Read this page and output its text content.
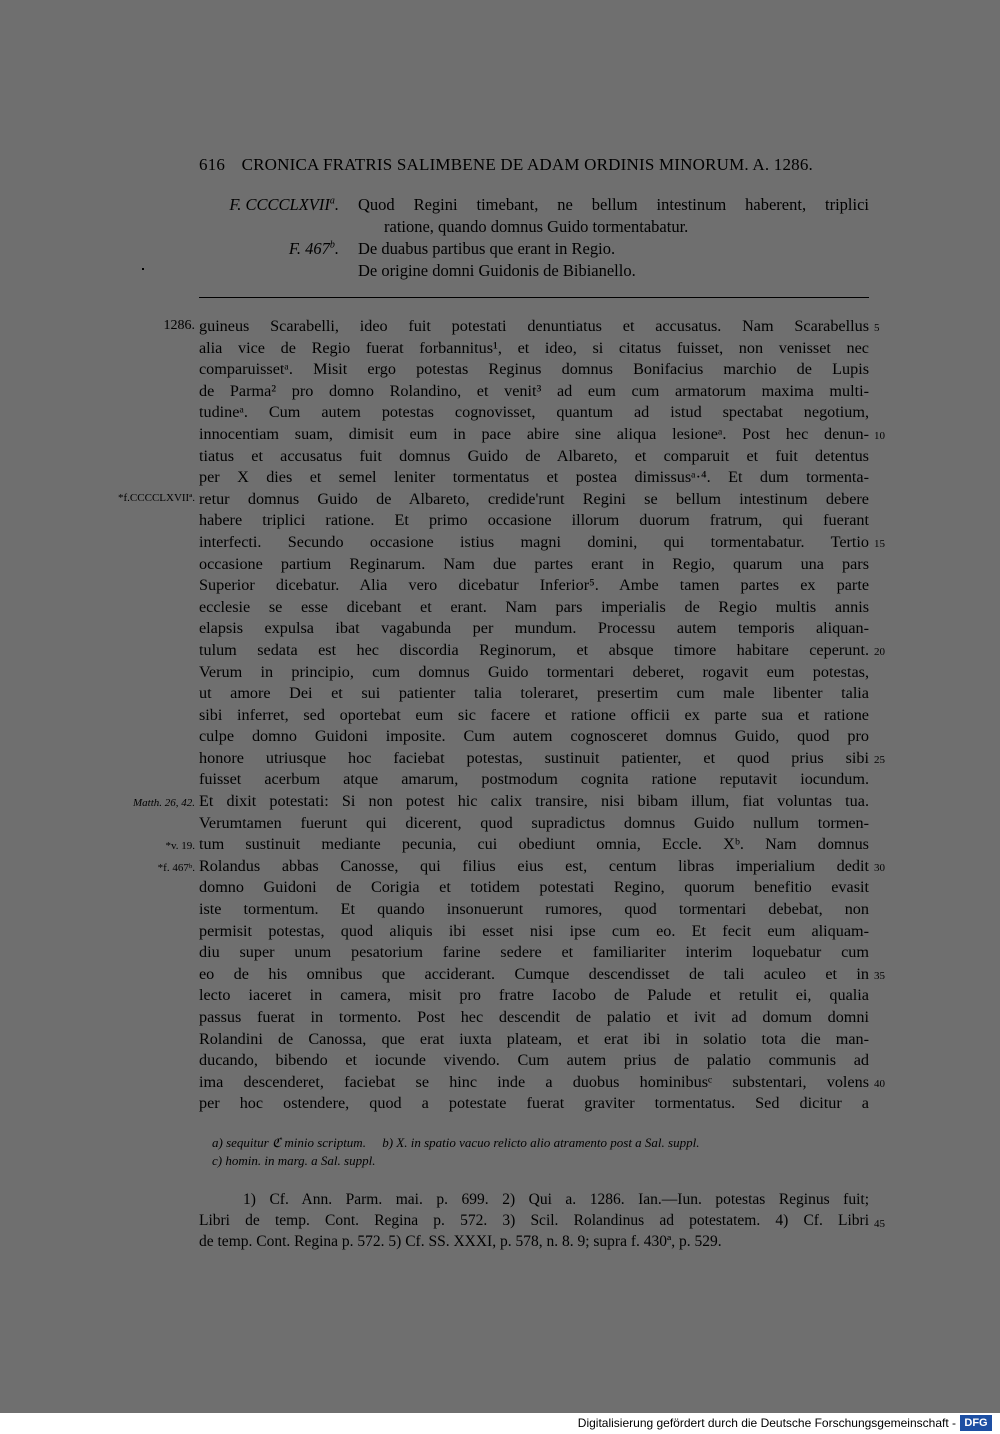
616 CRONICA FRATRIS SALIMBENE DE ADAM ORDINIS MINORUM. A. 1286.
F. CCCCLXVII$^a$. Quod Regini timebant, ne bellum intestinum haberent, triplici
ratione, quando domnus Guido tormentabatur.
F. 467$^b$. De duabus partibus que erant in Regio.
De origine domni Guidonis de Bibianello.
guineus Scarabelli, ideo fuit potestati denuntiatus et accusatus. Nam Scarabellus
alia vice de Regio fuerat forbannitus¹, et ideo, si citatus fuisset, non venisset nec
comparuissetᵃ. Misit ergo potestas Reginus domnus Bonifacius marchio de Lupis
de Parma² pro domno Rolandino, et venit³ ad eum cum armatorum maxima multi-
tudineᵃ. Cum autem potestas cognovisset, quantum ad istud spectabat negotium,
innocentiam suam, dimisit eum in pace abire sine aliqua lesioneᵃ. Post hec denun-
tiatus et accusatus fuit domnus Guido de Albareto, et comparuit et fuit detentus
per X dies et semel leniter tormentatus et postea dimissusᵃ·⁴. Et dum tormenta-
retur domnus Guido de Albareto, credide'runt Regini se bellum intestinum debere
habere triplici ratione. Et primo occasione illorum duorum fratrum, qui fuerant
interfecti. Secundo occasione istius magni domini, qui tormentabatur. Tertio
occasione partium Reginarum. Nam due partes erant in Regio, quarum una pars
Superior dicebatur. Alia vero dicebatur Inferior⁵. Ambe tamen partes ex parte
ecclesie se esse dicebant et erant. Nam pars imperialis de Regio multis annis
elapsis expulsa ibat vagabunda per mundum. Processu autem temporis aliquan-
tulum sedata est hec discordia Reginorum, et absque timore habitare ceperunt.
Verum in principio, cum domnus Guido tormentari deberet, rogavit eum potestas,
ut amore Dei et sui patienter talia toleraret, presertim cum male libenter talia
sibi inferret, sed oportebat eum sic facere et ratione officii ex parte sua et ratione
culpe domno Guidoni imposite. Cum autem cognosceret domnus Guido, quod pro
honore utriusque hoc faciebat potestas, sustinuit patienter, et quod prius sibi
fuisset acerbum atque amarum, postmodum cognita ratione reputavit iocundum.
Et dixit potestati: Si non potest hic calix transire, nisi bibam illum, fiat voluntas tua.
Verumtamen fuerunt qui dicerent, quod supradictus domnus Guido nullum tormen-
tum sustinuit mediante pecunia, cui obediunt omnia, Eccle. Xᵇ. Nam domnus
Rolandus abbas Canosse, qui filius eius est, centum libras imperialium dedit
domno Guidoni de Corigia et totidem potestati Regino, quorum benefitio evasit
iste tormentum. Et quando insonuerunt rumores, quod tormentari debebat, non
permisit potestas, quod aliquis ibi esset nisi ipse cum eo. Et fecit eum aliquam-
diu super unum pesatorium farine sedere et familiariter interim loquebatur cum
eo de his omnibus que acciderant. Cumque descendisset de tali aculeo et in
lecto iaceret in camera, misit pro fratre Iacobo de Palude et retulit ei, qualia
passus fuerat in tormento. Post hec descendit de palatio et ivit ad domum domni
Rolandini de Canossa, que erat iuxta plateam, et erat ibi in solatio tota die man-
ducando, bibendo et iocunde vivendo. Cum autem prius de palatio communis ad
ima descenderet, faciebat se hinc inde a duobus hominibusᶜ substentari, volens
per hoc ostendere, quod a potestate fuerat graviter tormentatus. Sed dicitur a
1286.
*f.CCCCLXVIIª.
Matth. 26, 42.
*v. 19.
*f. 467ᵇ.
5
10
15
20
25
30
35
40
a) sequitur ℭ minio scriptum.     b) X. in spatio vacuo relicto alio atramento post a Sal. suppl.
c) homin. in marg. a Sal. suppl.
1) Cf. Ann. Parm. mai. p. 699. 2) Qui a. 1286. Ian.—Iun. potestas Reginus fuit;
Libri de temp. Cont. Regina p. 572. 3) Scil. Rolandinus ad potestatem. 4) Cf. Libri
de temp. Cont. Regina p. 572. 5) Cf. SS. XXXI, p. 578, n. 8. 9; supra f. 430ª, p. 529.
45
Digitalisierung gefördert durch die Deutsche Forschungsgemeinschaft - DFG
